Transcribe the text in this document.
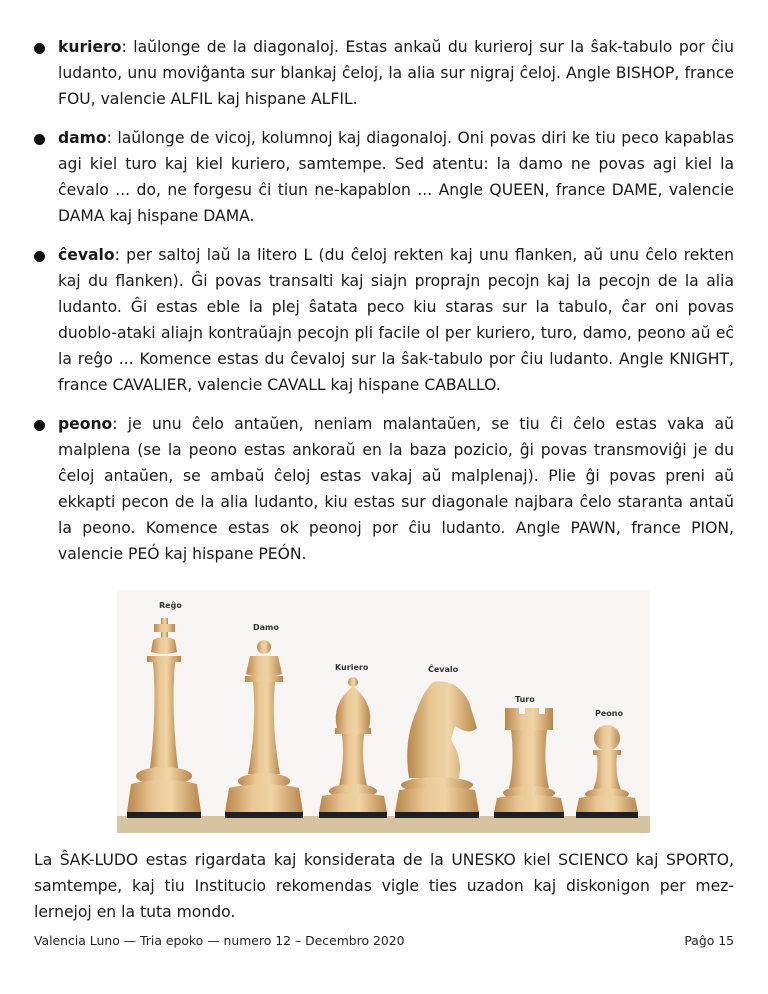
kuriero: laŭlonge de la diagonaloj. Estas ankaŭ du kurieroj sur la ŝak-tabulo por ĉiu ludanto, unu moviĝanta sur blankaj ĉeloj, la alia sur nigraj ĉeloj. Angle BISHOP, france FOU, valencie ALFIL kaj hispane ALFIL.
damo: laŭlonge de vicoj, kolumnoj kaj diagonaloj. Oni povas diri ke tiu peco kapablas agi kiel turo kaj kiel kuriero, samtempe. Sed atentu: la damo ne povas agi kiel la ĉevalo ... do, ne forgesu ĉi tiun ne-kapablon ... Angle QUEEN, france DAME, valencie DAMA kaj hispane DAMA.
ĉevalo: per saltoj laŭ la litero L (du ĉeloj rekten kaj unu flanken, aŭ unu ĉelo rekten kaj du flanken). Ĝi povas transalti kaj siajn proprajn pecojn kaj la pecojn de la alia ludanto. Ĝi estas eble la plej ŝatata peco kiu staras sur la tabulo, ĉar oni povas duoblo-ataki aliajn kontraŭajn pecojn pli facile ol per kuriero, turo, damo, peono aŭ eĉ la reĝo ... Komence estas du ĉevaloj sur la ŝak-tabulo por ĉiu ludanto. Angle KNIGHT, france CAVALIER, valencie CAVALL kaj hispane CABALLO.
peono: je unu ĉelo antaŭen, neniam malantaŭen, se tiu ĉi ĉelo estas vaka aŭ malplena (se la peono estas ankoraŭ en la baza pozicio, ĝi povas transmoviĝi je du ĉeloj antaŭen, se ambaŭ ĉeloj estas vakaj aŭ malplenaj). Plie ĝi povas preni aŭ ekkapti pecon de la alia ludanto, kiu estas sur diagonale najbara ĉelo staranta antaŭ la peono. Komence estas ok peonoj por ĉiu ludanto. Angle PAWN, france PION, valencie PEÓ kaj hispane PEÓN.
Reĝo
Damo
Kuriero	Ĉevalo
Turo
Peono

La ŜAK-LUDO estas rigardata kaj konsiderata de la UNESKO kiel SCIENCO kaj SPORTO, samtempe, kaj tiu Institucio rekomendas vigle ties uzadon kaj diskonigon per mez-lernejoj en la tuta mondo.

Valencia Luno — Tria epoko — numero 12 – Decembro 2020	Paĝo 15
